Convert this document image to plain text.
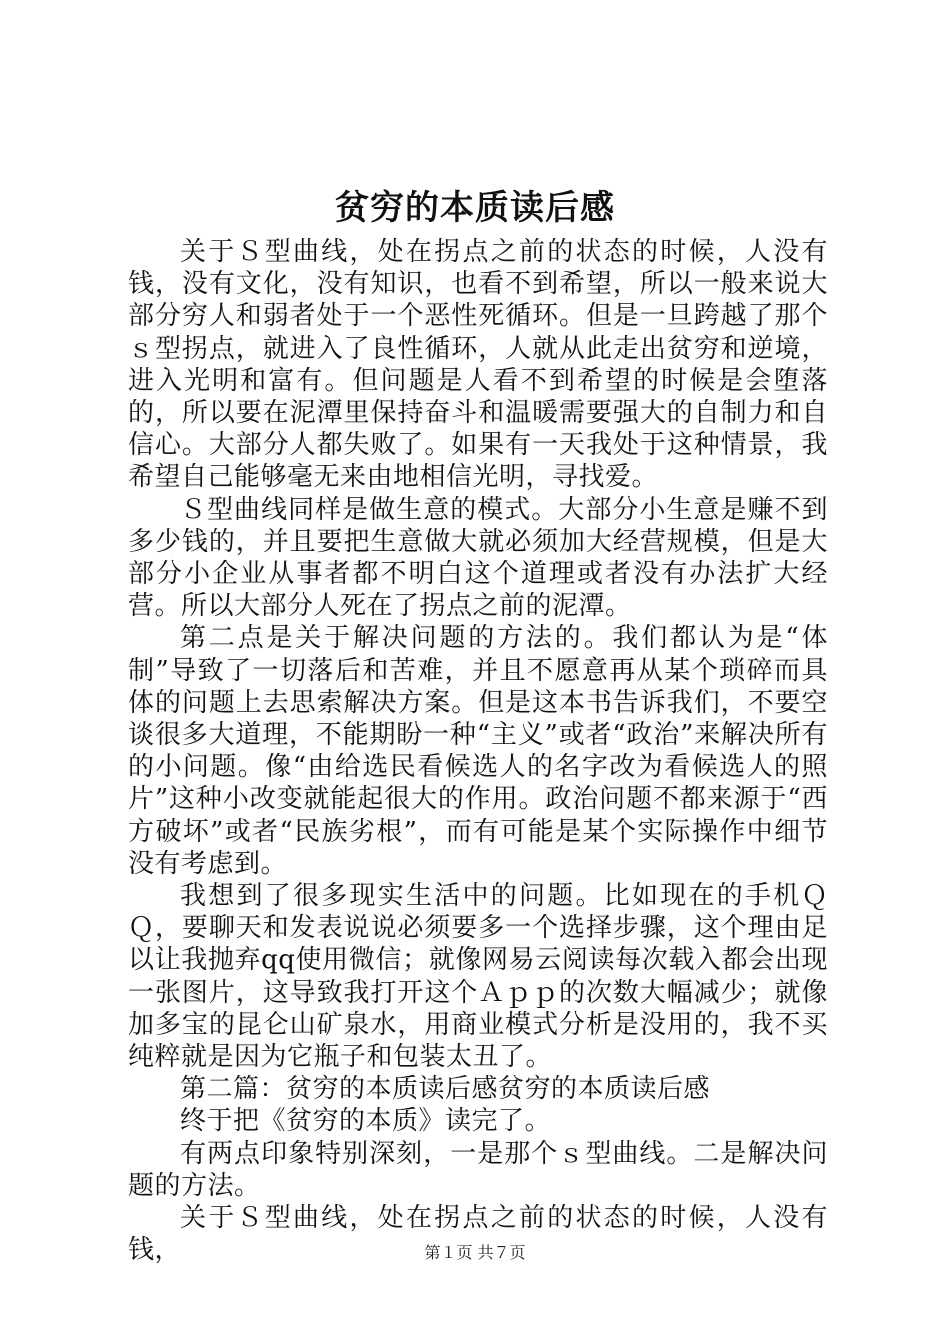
贫穷的本质读后感

关于Ｓ型曲线，处在拐点之前的状态的时候，人没有钱，没有文化，没有知识，也看不到希望，所以一般来说大部分穷人和弱者处于一个恶性死循环。但是一旦跨越了那个ｓ型拐点，就进入了良性循环，人就从此走出贫穷和逆境，进入光明和富有。但问题是人看不到希望的时候是会堕落的，所以要在泥潭里保持奋斗和温暖需要强大的自制力和自信心。大部分人都失败了。如果有一天我处于这种情景，我希望自己能够毫无来由地相信光明，寻找爱。

Ｓ型曲线同样是做生意的模式。大部分小生意是赚不到多少钱的，并且要把生意做大就必须加大经营规模，但是大部分小企业从事者都不明白这个道理或者没有办法扩大经营。所以大部分人死在了拐点之前的泥潭。

第二点是关于解决问题的方法的。我们都认为是“体制”导致了一切落后和苦难，并且不愿意再从某个琐碎而具体的问题上去思索解决方案。但是这本书告诉我们，不要空谈很多大道理，不能期盼一种“主义”或者“政治”来解决所有的小问题。像“由给选民看候选人的名字改为看候选人的照片”这种小改变就能起很大的作用。政治问题不都来源于“西方破坏”或者“民族劣根”，而有可能是某个实际操作中细节没有考虑到。

我想到了很多现实生活中的问题。比如现在的手机ＱＱ，要聊天和发表说说必须要多一个选择步骤，这个理由足以让我抛弃qq使用微信；就像网易云阅读每次载入都会出现一张图片，这导致我打开这个Ａｐｐ的次数大幅减少；就像加多宝的昆仑山矿泉水，用商业模式分析是没用的，我不买纯粹就是因为它瓶子和包装太丑了。

第二篇：贫穷的本质读后感贫穷的本质读后感

终于把《贫穷的本质》读完了。

有两点印象特别深刻，一是那个ｓ型曲线。二是解决问题的方法。

关于Ｓ型曲线，处在拐点之前的状态的时候，人没有钱，	第１页 共７页
